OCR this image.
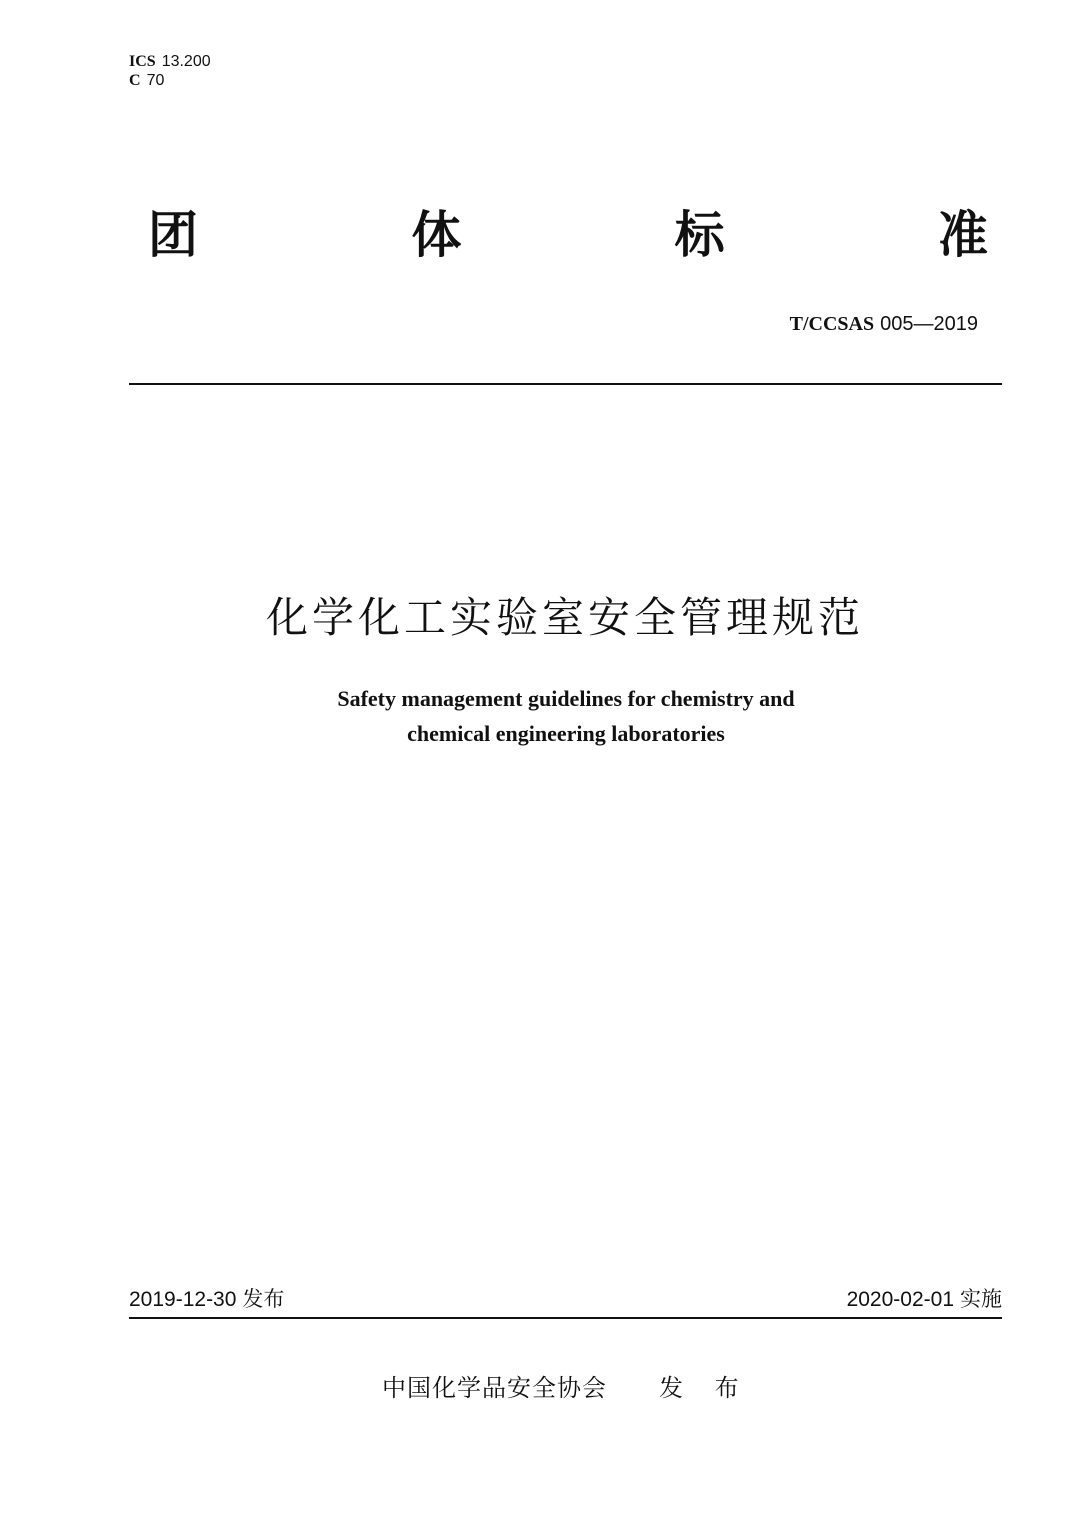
ICS 13.200
C 70
团	体	标	准
T/CCSAS 005—2019
化学化工实验室安全管理规范
Safety management guidelines for chemistry and
chemical engineering laboratories
2019-12-30 发布	2020-02-01 实施
中国化学品安全协会 发 布
